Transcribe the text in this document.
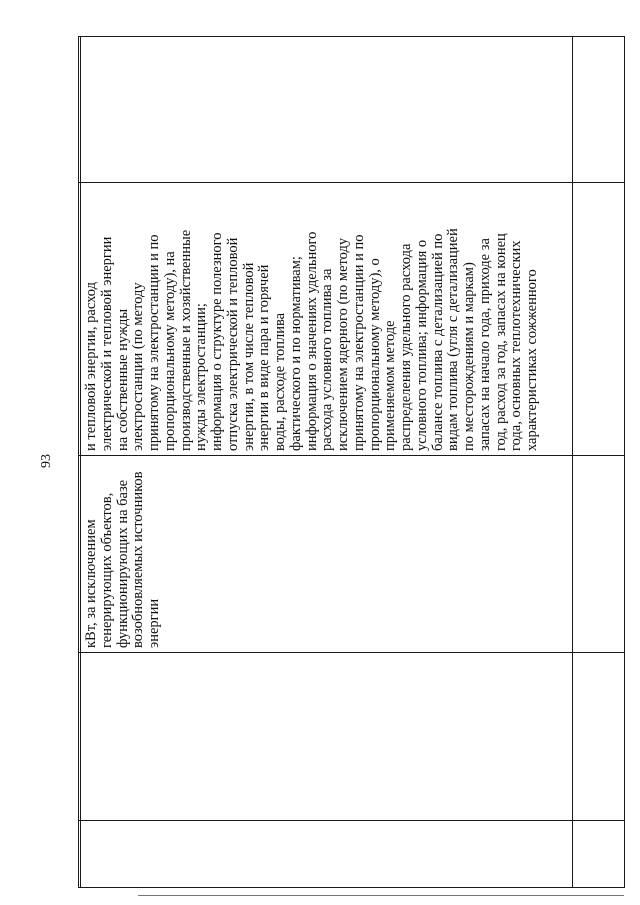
93
кВт, за исключением генерирующих объектов, функционирующих на базе возобновляемых источников энергии
и тепловой энергии, расход электрической и тепловой энергии на собственные нужды электростанции (по методу принятому на электростанции и по пропорциональному методу), на производственные и хозяйственные нужды электростанции; информация о структуре полезного отпуска электрической и тепловой энергии, в том числе тепловой энергии в виде пара и горячей воды, расходе топлива фактического и по нормативам; информация о значениях удельного расхода условного топлива за исключением ядерного (по методу принятому на электростанции и по пропорциональному методу), о применяемом методе распределения удельного расхода условного топлива; информация о балансе топлива с детализацией по видам топлива (угля с детализацией по месторождениям и маркам) запасах на начало года, приходе за год, расход за год, запасах на конец года, основных теплотехнических характеристиках сожженного
